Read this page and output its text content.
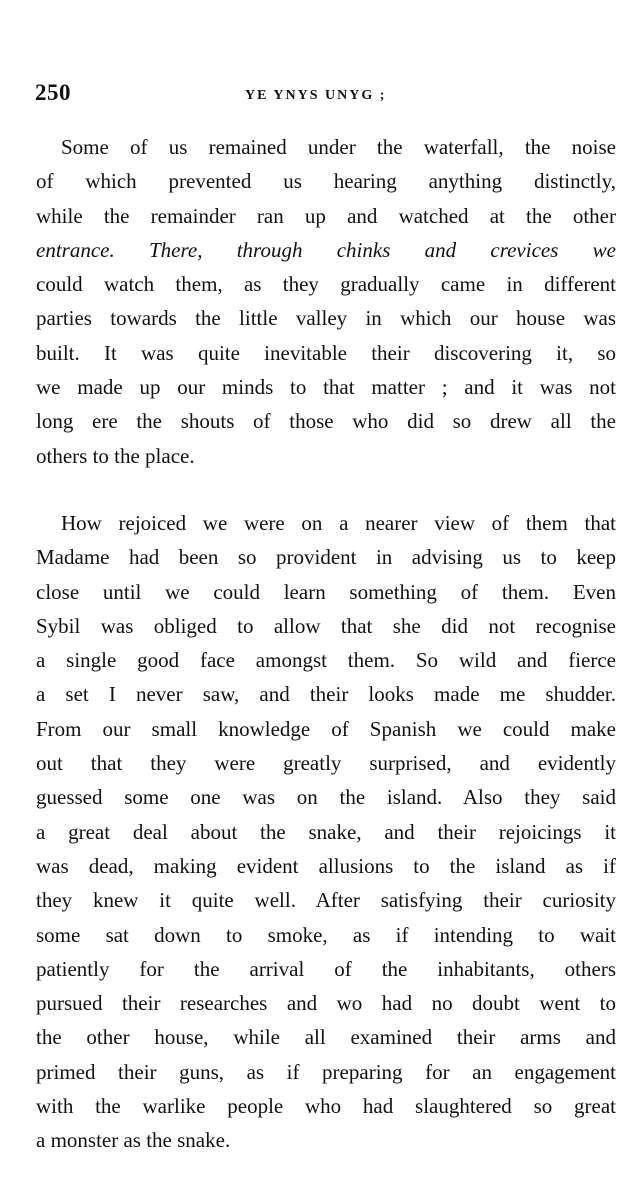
250	YE YNYS UNYG ;
Some of us remained under the waterfall, the noise
of which prevented us hearing anything distinctly,
while the remainder ran up and watched at the other
entrance. There, through chinks and crevices we
could watch them, as they gradually came in different
parties towards the little valley in which our house was
built. It was quite inevitable their discovering it, so
we made up our minds to that matter ; and it was not
long ere the shouts of those who did so drew all the
others to the place.
How rejoiced we were on a nearer view of them that
Madame had been so provident in advising us to keep
close until we could learn something of them. Even
Sybil was obliged to allow that she did not recognise
a single good face amongst them. So wild and fierce
a set I never saw, and their looks made me shudder.
From our small knowledge of Spanish we could make
out that they were greatly surprised, and evidently
guessed some one was on the island. Also they said
a great deal about the snake, and their rejoicings it
was dead, making evident allusions to the island as if
they knew it quite well. After satisfying their curiosity
some sat down to smoke, as if intending to wait
patiently for the arrival of the inhabitants, others
pursued their researches and wo had no doubt went to
the other house, while all examined their arms and
primed their guns, as if preparing for an engagement
with the warlike people who had slaughtered so great
a monster as the snake.
